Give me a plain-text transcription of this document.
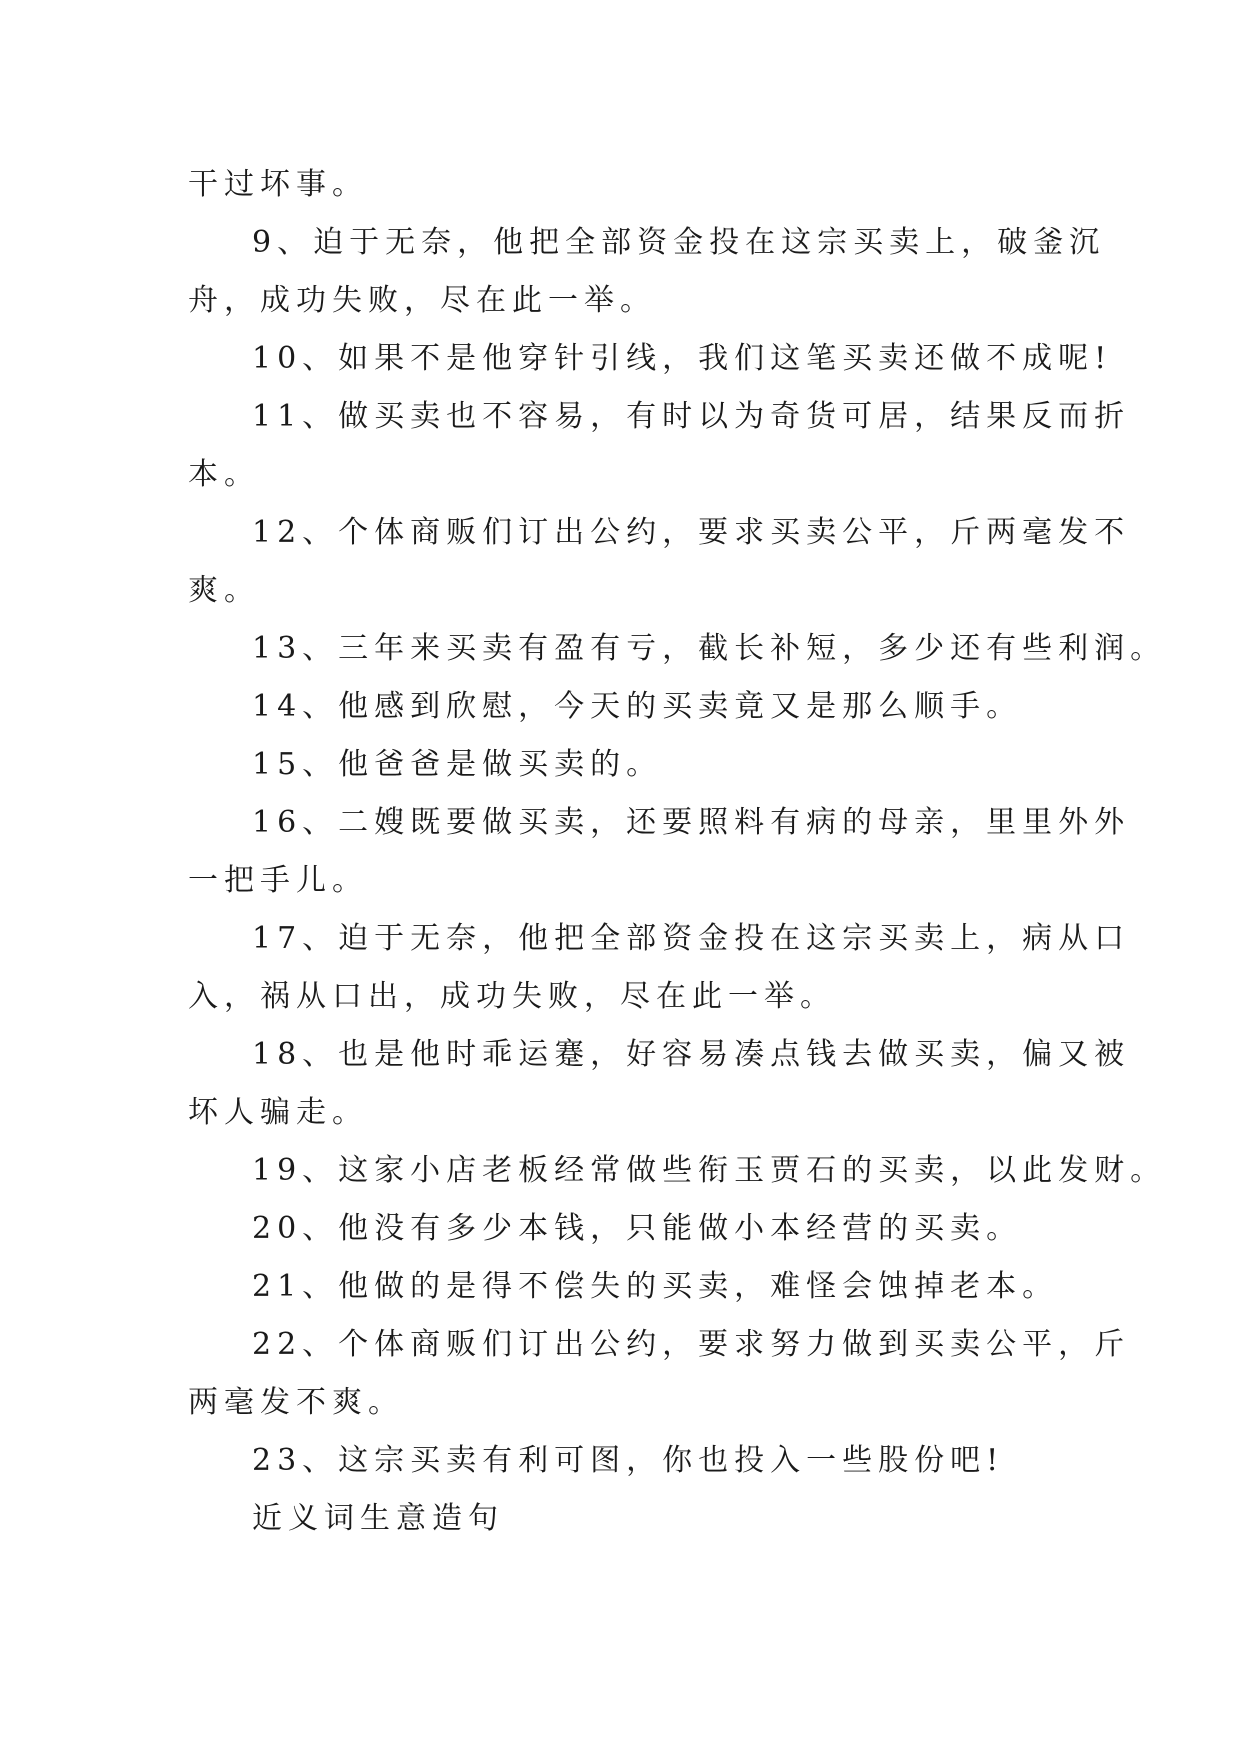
干过坏事。
9、迫于无奈，他把全部资金投在这宗买卖上，破釜沉
舟，成功失败，尽在此一举。
10、如果不是他穿针引线，我们这笔买卖还做不成呢!
11、做买卖也不容易，有时以为奇货可居，结果反而折
本。
12、个体商贩们订出公约，要求买卖公平，斤两毫发不
爽。
13、三年来买卖有盈有亏，截长补短，多少还有些利润。
14、他感到欣慰，今天的买卖竟又是那么顺手。
15、他爸爸是做买卖的。
16、二嫂既要做买卖，还要照料有病的母亲，里里外外
一把手儿。
17、迫于无奈，他把全部资金投在这宗买卖上，病从口
入，祸从口出，成功失败，尽在此一举。
18、也是他时乖运蹇，好容易凑点钱去做买卖，偏又被
坏人骗走。
19、这家小店老板经常做些衔玉贾石的买卖，以此发财。
20、他没有多少本钱，只能做小本经营的买卖。
21、他做的是得不偿失的买卖，难怪会蚀掉老本。
22、个体商贩们订出公约，要求努力做到买卖公平，斤
两毫发不爽。
23、这宗买卖有利可图，你也投入一些股份吧!
近义词生意造句
